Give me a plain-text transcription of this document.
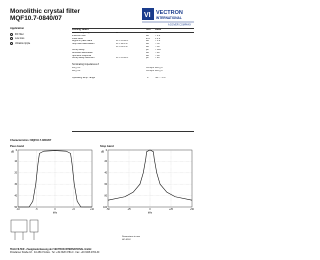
Monolithic crystal filter
MQF10.7-0840/07	VI VECTRON
INTERNATIONAL
A DOVER COMPANY
Application
IFF filter
Low loss
Ultralow ripple
Limiting values	Unit	Value
Centre frequency	f0	MHz	10.7
Insertion loss	dB	< 4.0
Pass band	kHz	± 4.2
Ripple in pass band	f0 ± 3.0 kHz	dB	< 1.0
Stop band attenuation	f0 ± 14 kHz	dB	> 50
f0 ± 25 kHz	dB	> 60
Group delay	µs	< 120
Absolute attenuation	dB	> 90
Spurious response	dB	> 60
Group delay distortion	f0 ± 3.0 kHz	µs	< 20
Terminating impedances Z
R1 || C1	Ohm/pF 910 || 0
R2 || C2	Ohm/pF 910 || 0
Operating temp. range	°C	-20 ... +70
Characteristics: MQF10.7-0840/07
Pass band	Stop band
-10	-5	0	+5	+10
0
10
20
30
40
50
kHz
dB
-50	-25	0	+25	+50
0
20
40
60
80
100
kHz
dB
Dimensions in mm
HC-45/U
TELE FILTER · Zweigniederlassung der VECTRON INTERNATIONAL GmbH
Potsdamer Straße 18 · D-14513 Teltow · Tel: +49 3328 4784-0 · Fax: +49 3328 4784-30
